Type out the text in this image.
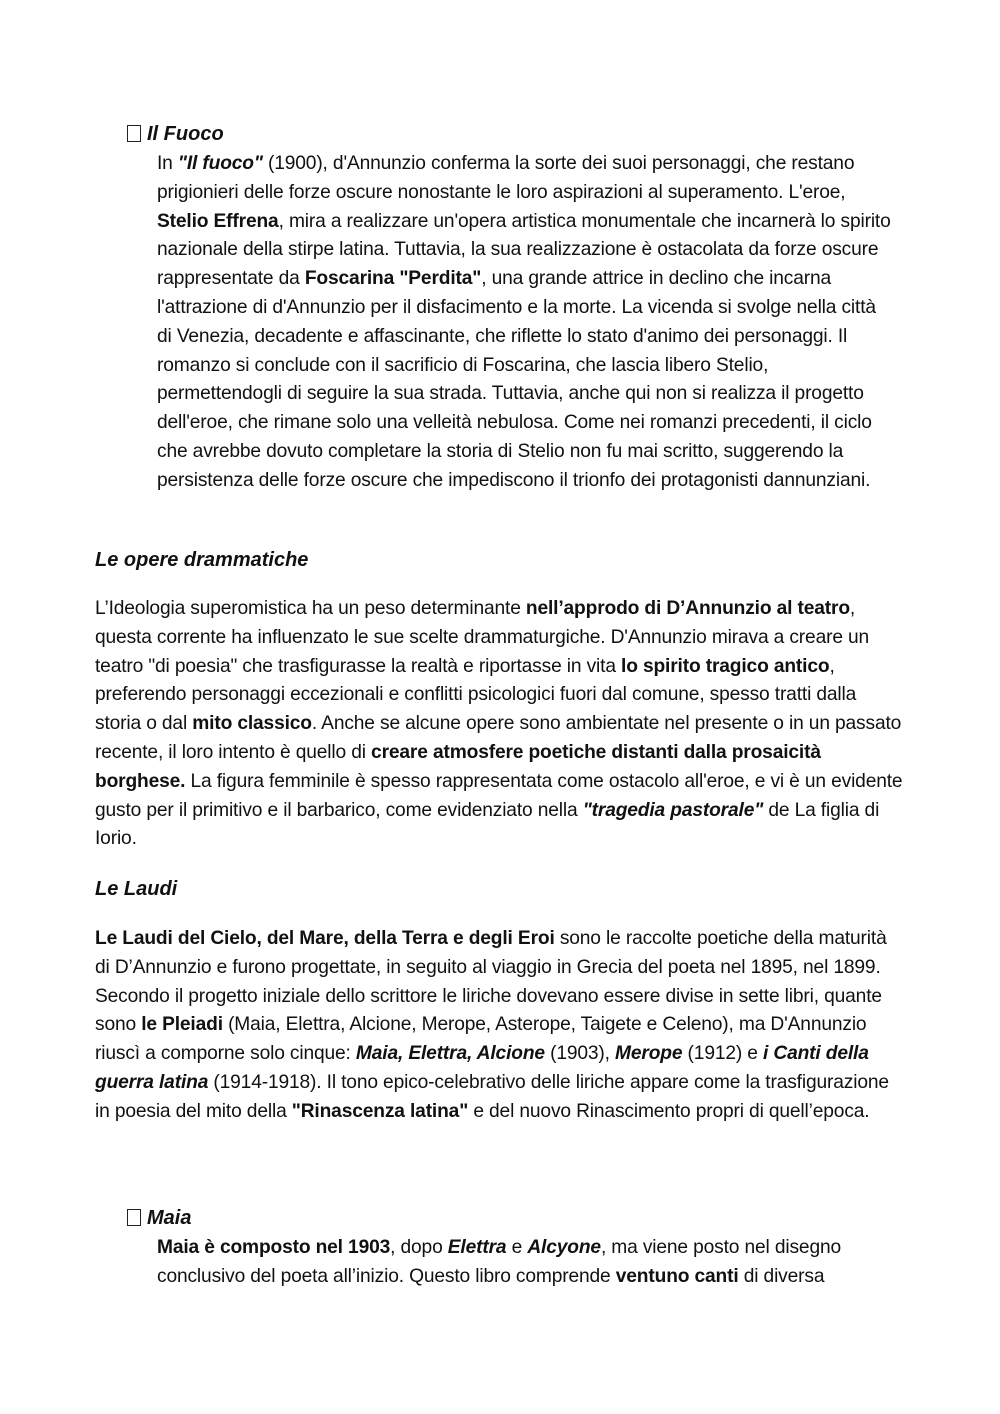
Il Fuoco

In "Il fuoco" (1900), d'Annunzio conferma la sorte dei suoi personaggi, che restano prigionieri delle forze oscure nonostante le loro aspirazioni al superamento. L'eroe, Stelio Effrena, mira a realizzare un'opera artistica monumentale che incarnerà lo spirito nazionale della stirpe latina. Tuttavia, la sua realizzazione è ostacolata da forze oscure rappresentate da Foscarina "Perdita", una grande attrice in declino che incarna l'attrazione di d'Annunzio per il disfacimento e la morte. La vicenda si svolge nella città di Venezia, decadente e affascinante, che riflette lo stato d'animo dei personaggi. Il romanzo si conclude con il sacrificio di Foscarina, che lascia libero Stelio, permettendogli di seguire la sua strada. Tuttavia, anche qui non si realizza il progetto dell'eroe, che rimane solo una velleità nebulosa. Come nei romanzi precedenti, il ciclo che avrebbe dovuto completare la storia di Stelio non fu mai scritto, suggerendo la persistenza delle forze oscure che impediscono il trionfo dei protagonisti dannunziani.

Le opere drammatiche

L’Ideologia superomistica ha un peso determinante nell’approdo di D’Annunzio al teatro, questa corrente ha influenzato le sue scelte drammaturgiche. D'Annunzio mirava a creare un teatro "di poesia" che trasfigurasse la realtà e riportasse in vita lo spirito tragico antico, preferendo personaggi eccezionali e conflitti psicologici fuori dal comune, spesso tratti dalla storia o dal mito classico. Anche se alcune opere sono ambientate nel presente o in un passato recente, il loro intento è quello di creare atmosfere poetiche distanti dalla prosaicità borghese. La figura femminile è spesso rappresentata come ostacolo all'eroe, e vi è un evidente gusto per il primitivo e il barbarico, come evidenziato nella "tragedia pastorale" de La figlia di Iorio.

Le Laudi

Le Laudi del Cielo, del Mare, della Terra e degli Eroi sono le raccolte poetiche della maturità di D’Annunzio e furono progettate, in seguito al viaggio in Grecia del poeta nel 1895, nel 1899. Secondo il progetto iniziale dello scrittore le liriche dovevano essere divise in sette libri, quante sono le Pleiadi (Maia, Elettra, Alcione, Merope, Asterope, Taigete e Celeno), ma D'Annunzio riuscì a comporne solo cinque: Maia, Elettra, Alcione (1903), Merope (1912) e i Canti della guerra latina (1914-1918). Il tono epico-celebrativo delle liriche appare come la trasfigurazione in poesia del mito della "Rinascenza latina" e del nuovo Rinascimento propri di quell’epoca.

Maia

Maia è composto nel 1903, dopo Elettra e Alcyone, ma viene posto nel disegno conclusivo del poeta all’inizio. Questo libro comprende ventuno canti di diversa
